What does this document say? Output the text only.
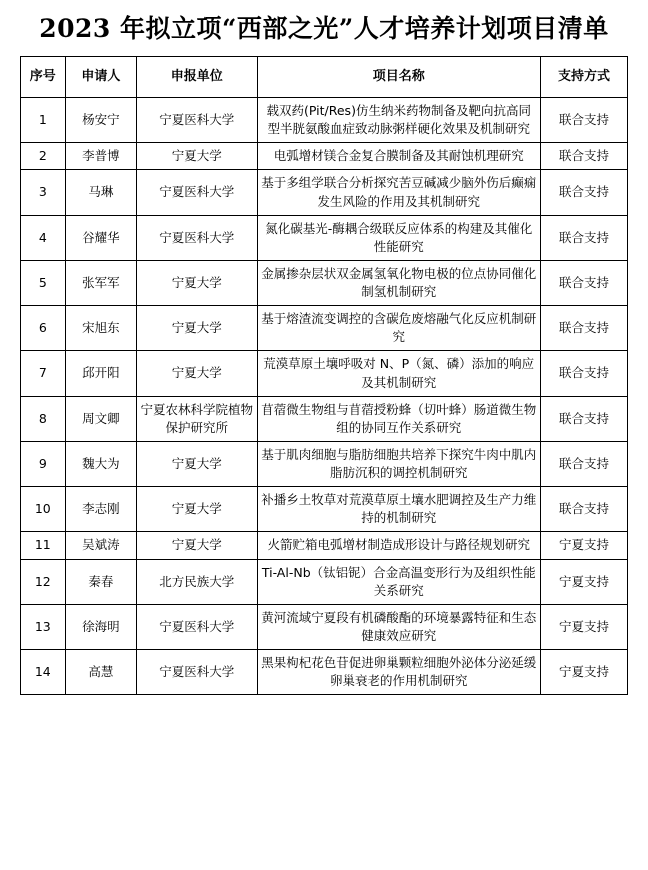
2023 年拟立项“西部之光”人才培养计划项目清单
序号	申请人	申报单位	项目名称	支持方式
1	杨安宁	宁夏医科大学	载双药(Pit/Res)仿生纳米药物制备及靶向抗高同型半胱氨酸血症致动脉粥样硬化效果及机制研究	联合支持
2	李普博	宁夏大学	电弧增材镁合金复合膜制备及其耐蚀机理研究	联合支持
3	马琳	宁夏医科大学	基于多组学联合分析探究苦豆碱减少脑外伤后癫痫发生风险的作用及其机制研究	联合支持
4	谷耀华	宁夏医科大学	氮化碳基光-酶耦合级联反应体系的构建及其催化性能研究	联合支持
5	张军军	宁夏大学	金属掺杂层状双金属氢氧化物电极的位点协同催化制氢机制研究	联合支持
6	宋旭东	宁夏大学	基于熔渣流变调控的含碳危废熔融气化反应机制研究	联合支持
7	邱开阳	宁夏大学	荒漠草原土壤呼吸对 N、P（氮、磷）添加的响应及其机制研究	联合支持
8	周文卿	宁夏农林科学院植物保护研究所	苜蓿微生物组与苜蓿授粉蜂（切叶蜂）肠道微生物组的协同互作关系研究	联合支持
9	魏大为	宁夏大学	基于肌肉细胞与脂肪细胞共培养下探究牛肉中肌内脂肪沉积的调控机制研究	联合支持
10	李志刚	宁夏大学	补播乡土牧草对荒漠草原土壤水肥调控及生产力维持的机制研究	联合支持
11	吴斌涛	宁夏大学	火箭贮箱电弧增材制造成形设计与路径规划研究	宁夏支持
12	秦春	北方民族大学	Ti-Al-Nb（钛铝铌）合金高温变形行为及组织性能关系研究	宁夏支持
13	徐海明	宁夏医科大学	黄河流域宁夏段有机磷酸酯的环境暴露特征和生态健康效应研究	宁夏支持
14	高慧	宁夏医科大学	黑果枸杞花色苷促进卵巢颗粒细胞外泌体分泌延缓卵巢衰老的作用机制研究	宁夏支持
